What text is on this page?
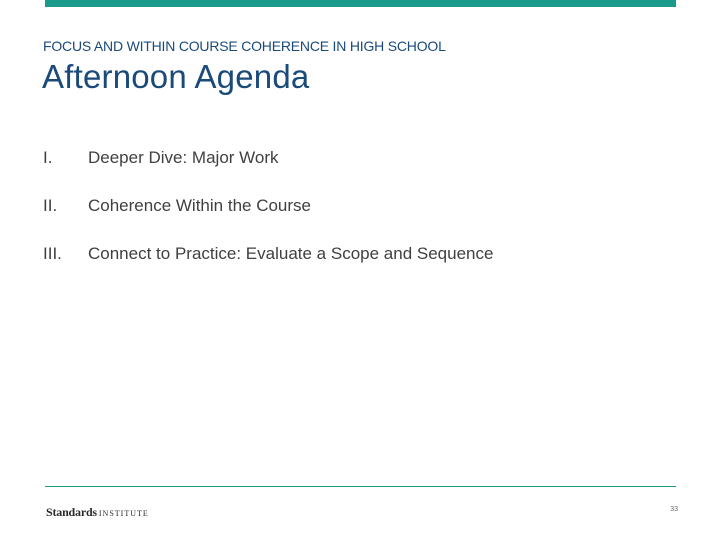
FOCUS AND WITHIN COURSE COHERENCE IN HIGH SCHOOL
Afternoon Agenda
I.	Deeper Dive: Major Work
II.	Coherence Within the Course
III.	Connect to Practice: Evaluate a Scope and Sequence
Standards INSTITUTE	33
